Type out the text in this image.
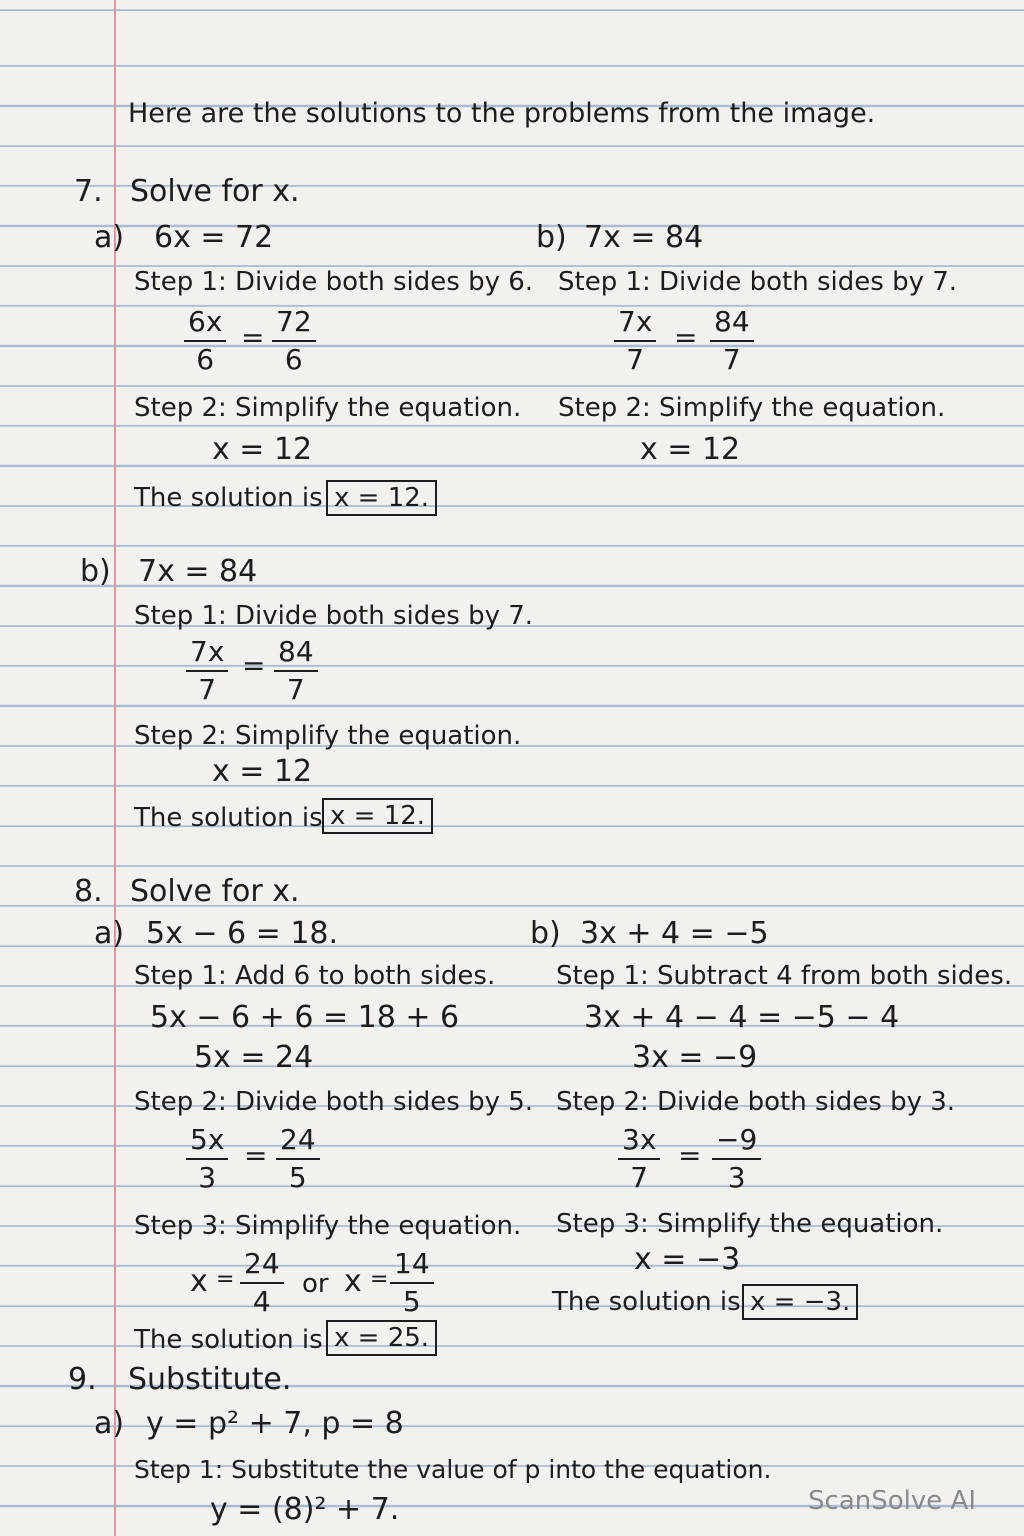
Here are the solutions to the problems from the image.
7. Solve for x.
a) 6x = 72
Step 1: Divide both sides by 6.
$\frac{6x}{6} = \frac{72}{6}$
Step 2: Simplify the equation.
x = 12
The solution is x = 12.
b) 7x = 84
Step 1: Divide both sides by 7.
$\frac{7x}{7} = \frac{84}{7}$
Step 2: Simplify the equation.
x = 12
b) 7x = 84
Step 1: Divide both sides by 7.
$\frac{7x}{7} = \frac{84}{7}$
Step 2: Simplify the equation.
x = 12
The solution is x = 12.
8. Solve for x.
a) 5x − 6 = 18.
Step 1: Add 6 to both sides.
5x − 6 + 6 = 18 + 6
5x = 24
Step 2: Divide both sides by 5.
$\frac{5x}{3} = \frac{24}{5}$
Step 3: Simplify the equation.
$x = \frac{24}{4}$ or $x = \frac{14}{5}$
The solution is x = 25.
b) 3x + 4 = −5
Step 1: Subtract 4 from both sides.
3x + 4 − 4 = −5 − 4
3x = −9
Step 2: Divide both sides by 3.
$\frac{3x}{7} = \frac{-9}{3}$
Step 3: Simplify the equation.
x = −3
The solution is x = −3.
9. Substitute.
a) y = p² + 7, p = 8
Step 1: Substitute the value of p into the equation.
y = (8)² + 7.	ScanSolve AI
